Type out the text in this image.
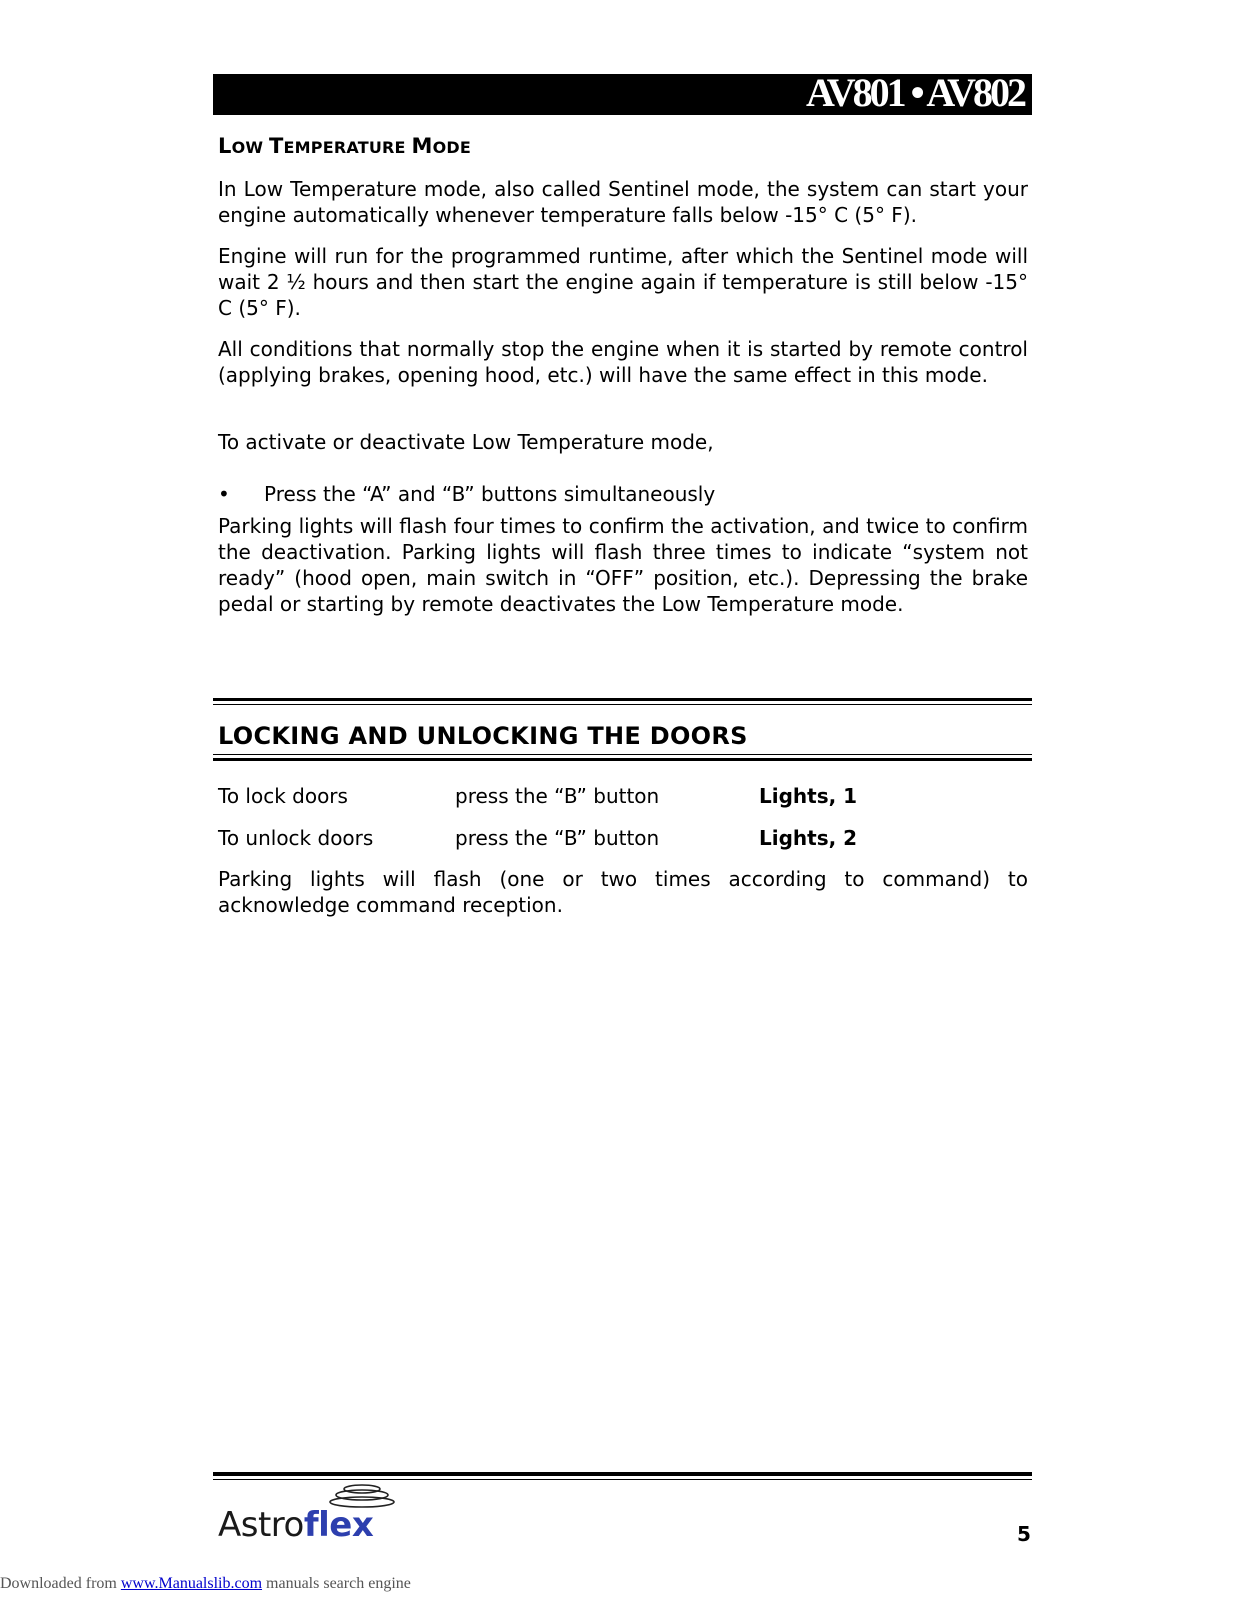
AV801 • AV802
LOW TEMPERATURE MODE

In Low Temperature mode, also called Sentinel mode, the system can start your engine automatically whenever temperature falls below -15° C (5° F).

Engine will run for the programmed runtime, after which the Sentinel mode will wait 2 ½ hours and then start the engine again if temperature is still below -15° C (5° F).

All conditions that normally stop the engine when it is started by remote control (applying brakes, opening hood, etc.) will have the same effect in this mode.

To activate or deactivate Low Temperature mode,

• Press the “A” and “B” buttons simultaneously

Parking lights will flash four times to confirm the activation, and twice to confirm the deactivation. Parking lights will flash three times to indicate “system not ready” (hood open, main switch in “OFF” position, etc.). Depressing the brake pedal or starting by remote deactivates the Low Temperature mode.

LOCKING AND UNLOCKING THE DOORS
To lock doors	press the “B” button	Lights, 1
To unlock doors	press the “B” button	Lights, 2

Parking lights will flash (one or two times according to command) to acknowledge command reception.

Astroflex	5
Downloaded from www.Manualslib.com manuals search engine
